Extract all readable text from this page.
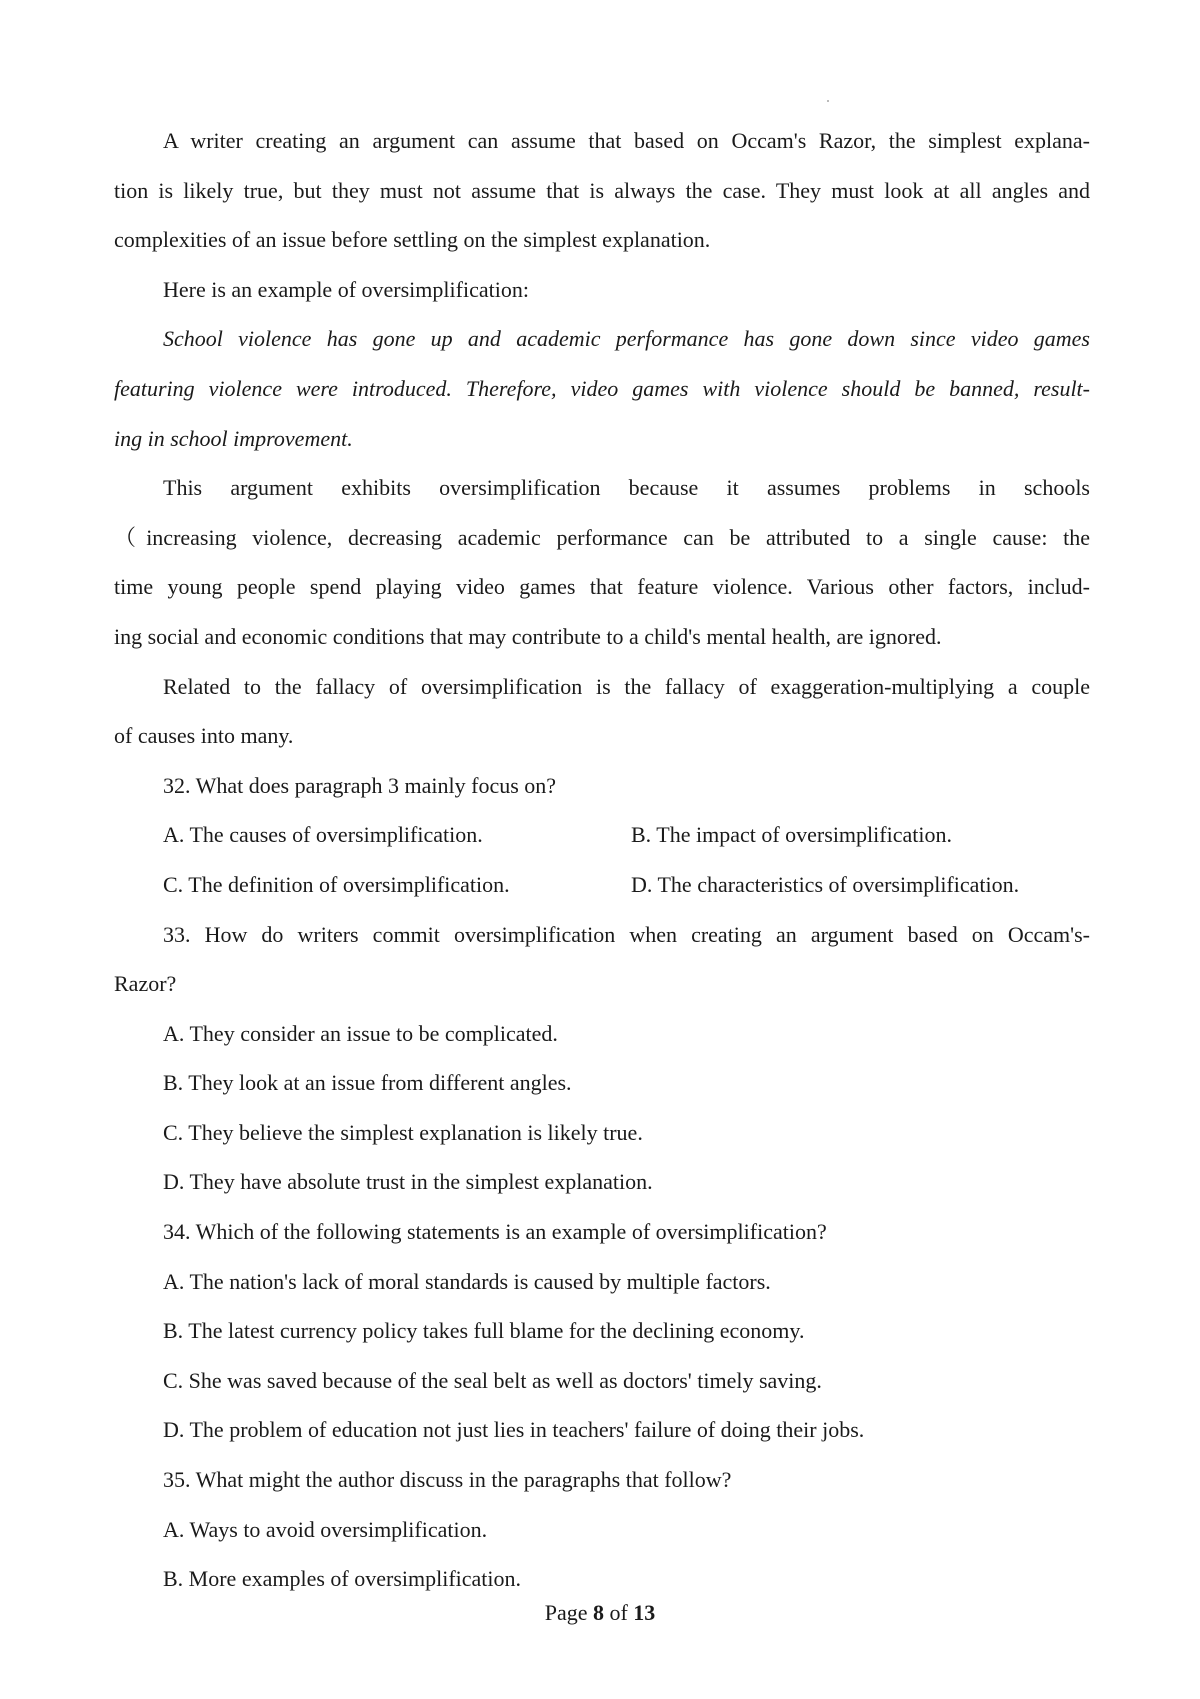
A writer creating an argument can assume that based on Occam's Razor, the simplest explana-
tion is likely true, but they must not assume that is always the case. They must look at all angles and
complexities of an issue before settling on the simplest explanation.
Here is an example of oversimplification:
School violence has gone up and academic performance has gone down since video games
featuring violence were introduced. Therefore, video games with violence should be banned, result-
ing in school improvement.
This argument exhibits oversimplification because it assumes problems in schools
（increasing violence, decreasing academic performance can be attributed to a single cause: the
time young people spend playing video games that feature violence. Various other factors, includ-
ing social and economic conditions that may contribute to a child's mental health, are ignored.
Related to the fallacy of oversimplification is the fallacy of exaggeration-multiplying a couple
of causes into many.
32. What does paragraph 3 mainly focus on?
A. The causes of oversimplification.	B. The impact of oversimplification.
C. The definition of oversimplification.	D. The characteristics of oversimplification.
33. How do writers commit oversimplification when creating an argument based on Occam's-
Razor?
A. They consider an issue to be complicated.
B. They look at an issue from different angles.
C. They believe the simplest explanation is likely true.
D. They have absolute trust in the simplest explanation.
34. Which of the following statements is an example of oversimplification?
A. The nation's lack of moral standards is caused by multiple factors.
B. The latest currency policy takes full blame for the declining economy.
C. She was saved because of the seal belt as well as doctors' timely saving.
D. The problem of education not just lies in teachers' failure of doing their jobs.
35. What might the author discuss in the paragraphs that follow?
A. Ways to avoid oversimplification.
B. More examples of oversimplification.
Page 8 of 13
